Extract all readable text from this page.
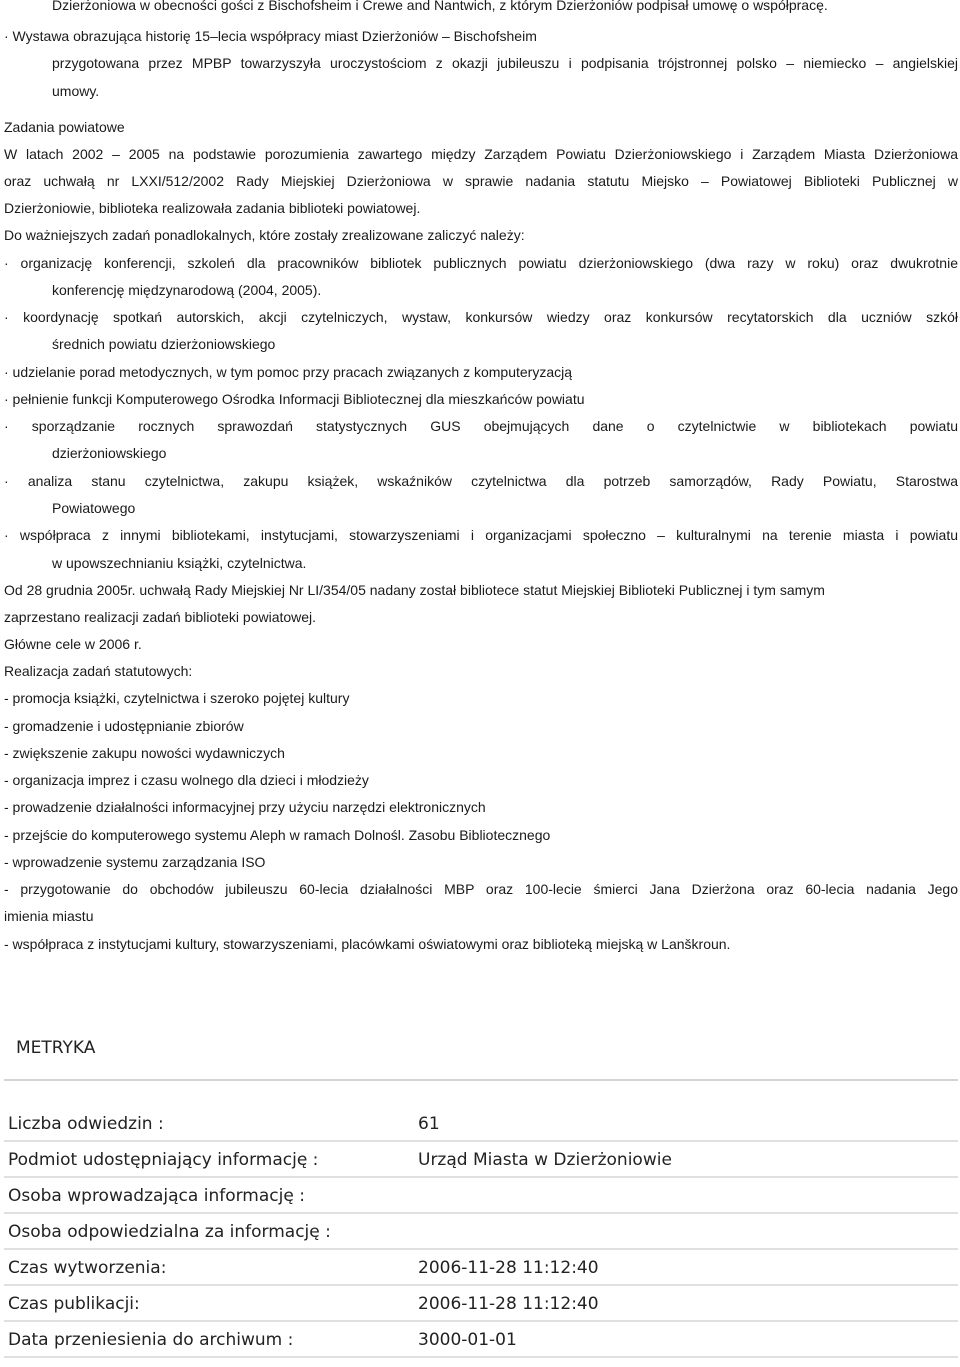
Dzierżoniowa w obecności gości z Bischofsheim i Crewe and Nantwich, z którym Dzierżoniów podpisał umowę o współpracę.
· Wystawa obrazująca historię 15–lecia współpracy miast Dzierżoniów – Bischofsheim
przygotowana przez MPBP towarzyszyła uroczystościom z okazji jubileuszu i podpisania trójstronnej polsko – niemiecko – angielskiej
umowy.
Zadania powiatowe
W latach 2002 – 2005 na podstawie porozumienia zawartego między Zarządem Powiatu Dzierżoniowskiego i Zarządem Miasta Dzierżoniowa
oraz uchwałą nr LXXI/512/2002 Rady Miejskiej Dzierżoniowa w sprawie nadania statutu Miejsko – Powiatowej Biblioteki Publicznej w
Dzierżoniowie, biblioteka realizowała zadania biblioteki powiatowej.
Do ważniejszych zadań ponadlokalnych, które zostały zrealizowane zaliczyć należy:
· organizację konferencji, szkoleń dla pracowników bibliotek publicznych powiatu dzierżoniowskiego (dwa razy w roku) oraz dwukrotnie
konferencję międzynarodową (2004, 2005).
· koordynację spotkań autorskich, akcji czytelniczych, wystaw, konkursów wiedzy oraz konkursów recytatorskich dla uczniów szkół
średnich powiatu dzierżoniowskiego
· udzielanie porad metodycznych, w tym pomoc przy pracach związanych z komputeryzacją
· pełnienie funkcji Komputerowego Ośrodka Informacji Bibliotecznej dla mieszkańców powiatu
· sporządzanie rocznych sprawozdań statystycznych GUS obejmujących dane o czytelnictwie w bibliotekach powiatu
dzierżoniowskiego
· analiza stanu czytelnictwa, zakupu książek, wskaźników czytelnictwa dla potrzeb samorządów, Rady Powiatu, Starostwa
Powiatowego
· współpraca z innymi bibliotekami, instytucjami, stowarzyszeniami i organizacjami społeczno – kulturalnymi na terenie miasta i powiatu
w upowszechnianiu książki, czytelnictwa.
Od 28 grudnia 2005r. uchwałą Rady Miejskiej Nr LI/354/05 nadany został bibliotece statut Miejskiej Biblioteki Publicznej i tym samym
zaprzestano realizacji zadań biblioteki powiatowej.
Główne cele w 2006 r.
Realizacja zadań statutowych:
- promocja książki, czytelnictwa i szeroko pojętej kultury
- gromadzenie i udostępnianie zbiorów
- zwiększenie zakupu nowości wydawniczych
- organizacja imprez i czasu wolnego dla dzieci i młodzieży
- prowadzenie działalności informacyjnej przy użyciu narzędzi elektronicznych
- przejście do komputerowego systemu Aleph w ramach Dolnośl. Zasobu Bibliotecznego
- wprowadzenie systemu zarządzania ISO
- przygotowanie do obchodów jubileuszu 60-lecia działalności MBP oraz 100-lecie śmierci Jana Dzierżona oraz 60-lecia nadania Jego
imienia miastu
- współpraca z instytucjami kultury, stowarzyszeniami, placówkami oświatowymi oraz biblioteką miejską w Lanškroun.
METRYKA
Liczba odwiedzin :	61
Podmiot udostępniający informację :	Urząd Miasta w Dzierżoniowie
Osoba wprowadzająca informację :
Osoba odpowiedzialna za informację :
Czas wytworzenia:	2006-11-28 11:12:40
Czas publikacji:	2006-11-28 11:12:40
Data przeniesienia do archiwum :	3000-01-01
